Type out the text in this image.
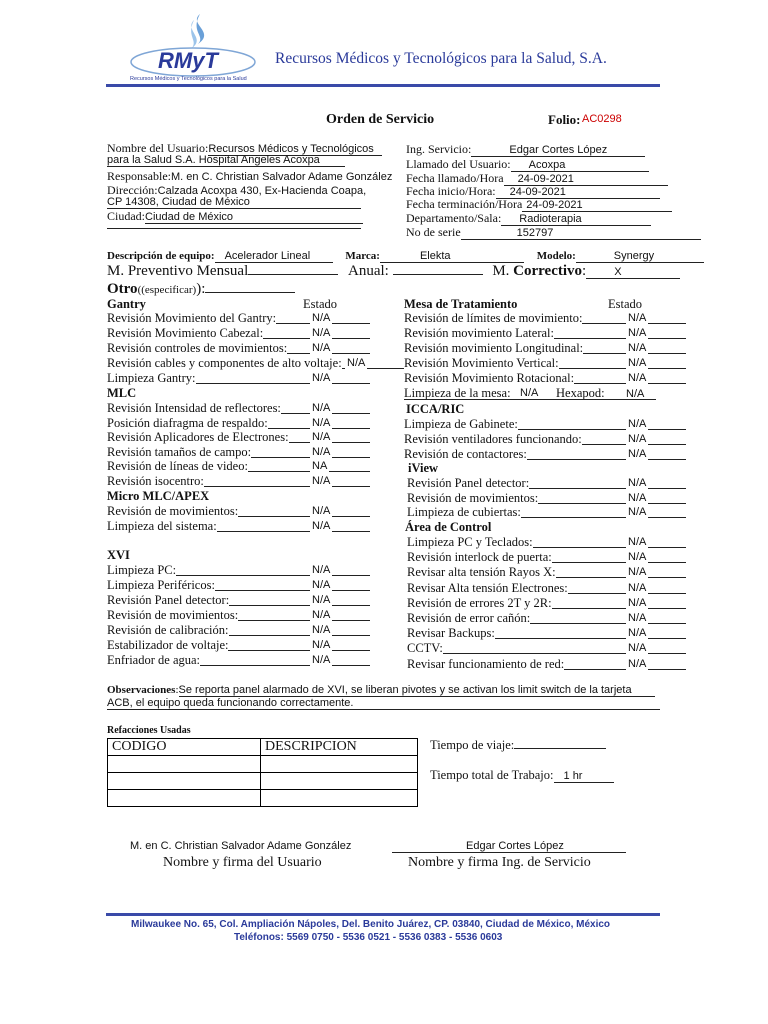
RMyT
Recursos Médicos y Tecnológicos para la Salud
Recursos Médicos y Tecnológicos para la Salud, S.A.
Orden de Servicio	Folio: AC0298
Nombre del Usuario:Recursos Médicos y Tecnológicos
para la Salud S.A. Hospital Angeles Acoxpa
Responsable:M. en C. Christian Salvador Adame González
Dirección:Calzada Acoxpa 430, Ex-Hacienda Coapa,
CP 14308, Ciudad de México
Ciudad:Ciudad de México
Ing. Servicio:	Edgar Cortes López
Llamado del Usuario: Acoxpa
Fecha llamado/Hora 24-09-2021
Fecha inicio/Hora: 24-09-2021
Fecha terminación/Hora 24-09-2021
Departamento/Sala: Radioterapia
No de serie	152797
Descripción de equipo: Acelerador Lineal	Marca:	Elekta	Modelo:	Synergy
M. Preventivo Mensual	Anual:	M. Correctivo:	X
Otro((especificar)):
Gantry	Estado
Revisión Movimiento del Gantry:	N/A
Revisión Movimiento Cabezal:	N/A
Revisión controles de movimientos: N/A
Revisión cables y componentes de alto voltaje: N/A
Limpieza Gantry:	N/A
MLC
Revisión Intensidad de reflectores:	N/A
Posición diafragma de respaldo:	N/A
Revisión Aplicadores de Electrones: N/A
Revisión tamaños de campo:	N/A
Revisión de líneas de video:	NA
Revisión isocentro:	N/A
Micro MLC/APEX
Revisión de movimientos:	N/A
Limpieza del sistema:	N/A
XVI
Limpieza PC:	N/A
Limpieza Periféricos:	N/A
Revisión Panel detector:	N/A
Revisión de movimientos:	N/A
Revisión de calibración:	N/A
Estabilizador de voltaje:	N/A
Enfriador de agua:	N/A
Mesa de Tratamiento	Estado
Revisión de límites de movimiento:	N/A
Revisión movimiento Lateral:	N/A
Revisión movimiento Longitudinal:	N/A
Revisión Movimiento Vertical:	N/A
Revisión Movimiento Rotacional:	N/A
Limpieza de la mesa: N/A Hexapod: N/A
ICCA/RIC
Limpieza de Gabinete:	N/A
Revisión ventiladores funcionando:	N/A
Revisión de contactores:	N/A
iView
Revisión Panel detector:	N/A
Revisión de movimientos:	N/A
Limpieza de cubiertas:	N/A
Área de Control
Limpieza PC y Teclados:	N/A
Revisión interlock de puerta:	N/A
Revisar alta tensión Rayos X:	N/A
Revisar Alta tensión Electrones:	N/A
Revisión de errores 2T y 2R:	N/A
Revisión de error cañón:	N/A
Revisar Backups:	N/A
CCTV:	N/A
Revisar funcionamiento de red:	N/A
Observaciones:Se reporta panel alarmado de XVI, se liberan pivotes y se activan los limit switch de la tarjeta
ACB, el equipo queda funcionando correctamente.
Refacciones Usadas
CODIGO	DESCRIPCION

		Tiempo de viaje:
Tiempo total de Trabajo: 1 hr
M. en C. Christian Salvador Adame González
Nombre y firma del Usuario
Edgar Cortes López
Nombre y firma Ing. de Servicio
Milwaukee No. 65, Col. Ampliación Nápoles, Del. Benito Juárez, CP. 03840, Ciudad de México, México
Teléfonos: 5569 0750 - 5536 0521 - 5536 0383 - 5536 0603
